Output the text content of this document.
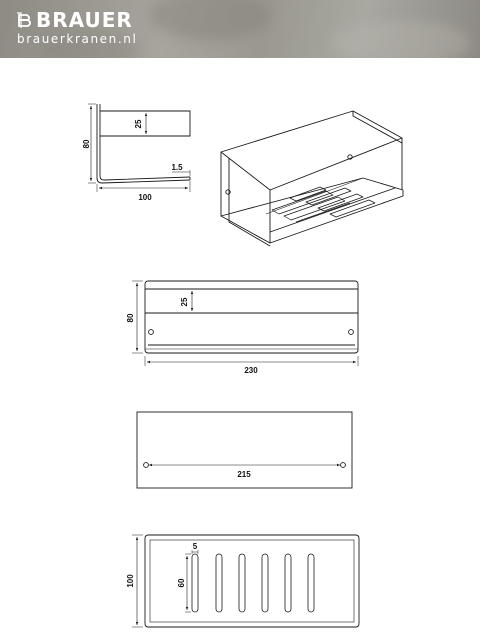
BRAUER
brauerkranen.nl
80
25
1.5
100
25
80
230
215
5
60
100
